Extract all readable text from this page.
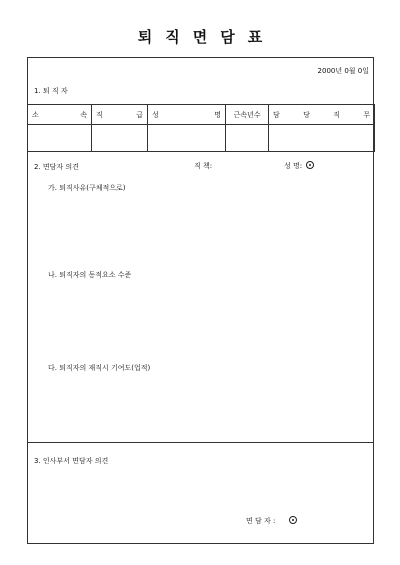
퇴직면담표
2000년 0월 0일
1. 퇴 직 자
소 속	직 급	성 명	근속년수	담 당 직 무

2. 면담자 의견	직 책:	성 명:
가. 퇴직사유(구체적으로)
나. 퇴직자의 동적요소 수준
다. 퇴직자의 재직시 기여도(업적)
3. 인사부서 면담자 의견
면 담 자 :
